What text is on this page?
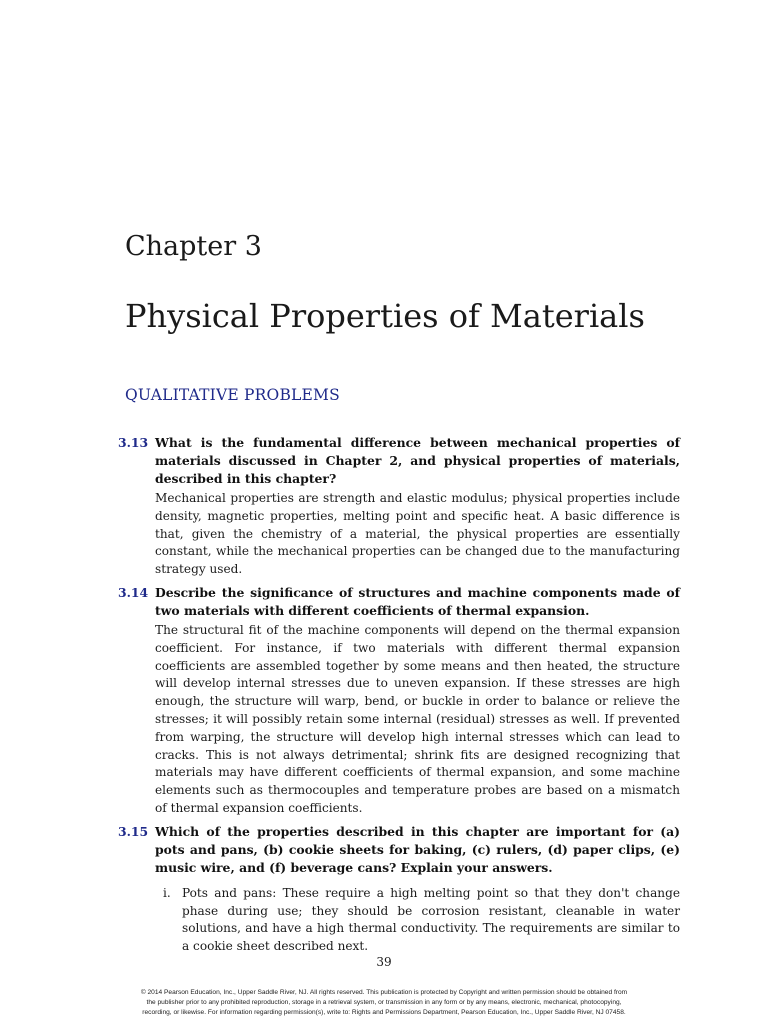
Chapter 3
Physical Properties of Materials
QUALITATIVE PROBLEMS
3.13 What is the fundamental difference between mechanical properties of materials discussed in Chapter 2, and physical properties of materials, described in this chapter?

Mechanical properties are strength and elastic modulus; physical properties include density, magnetic properties, melting point and specific heat. A basic difference is that, given the chemistry of a material, the physical properties are essentially constant, while the mechanical properties can be changed due to the manufacturing strategy used.

3.14 Describe the significance of structures and machine components made of two materials with different coefficients of thermal expansion.

The structural fit of the machine components will depend on the thermal expansion coefficient. For instance, if two materials with different thermal expansion coefficients are assembled together by some means and then heated, the structure will develop internal stresses due to uneven expansion. If these stresses are high enough, the structure will warp, bend, or buckle in order to balance or relieve the stresses; it will possibly retain some internal (residual) stresses as well. If prevented from warping, the structure will develop high internal stresses which can lead to cracks. This is not always detrimental; shrink fits are designed recognizing that materials may have different coefficients of thermal expansion, and some machine elements such as thermocouples and temperature probes are based on a mismatch of thermal expansion coefficients.

3.15 Which of the properties described in this chapter are important for (a) pots and pans, (b) cookie sheets for baking, (c) rulers, (d) paper clips, (e) music wire, and (f) beverage cans? Explain your answers.

i. Pots and pans: These require a high melting point so that they don't change phase during use; they should be corrosion resistant, cleanable in water solutions, and have a high thermal conductivity. The requirements are similar to a cookie sheet described next.
39
© 2014 Pearson Education, Inc., Upper Saddle River, NJ. All rights reserved. This publication is protected by Copyright and written permission should be obtained from
the publisher prior to any prohibited reproduction, storage in a retrieval system, or transmission in any form or by any means, electronic, mechanical, photocopying,
recording, or likewise. For information regarding permission(s), write to: Rights and Permissions Department, Pearson Education, Inc., Upper Saddle River, NJ 07458.
